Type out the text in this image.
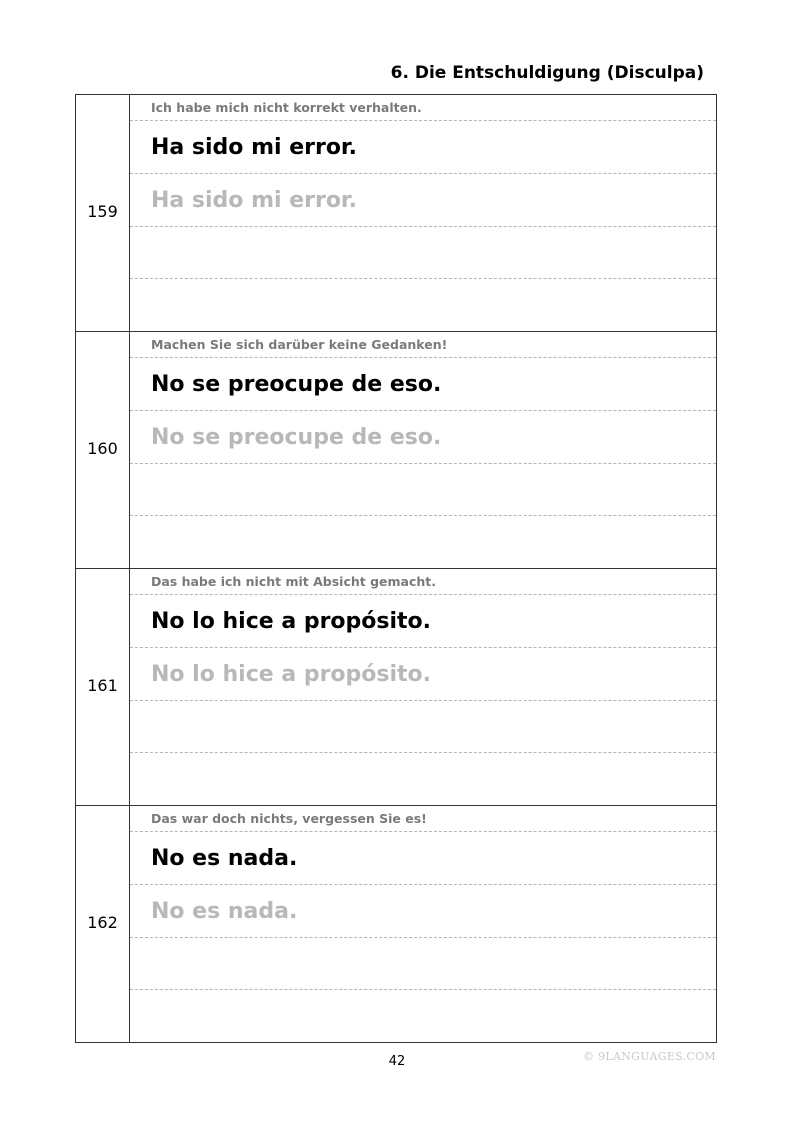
6. Die Entschuldigung (Disculpa)
159
Ich habe mich nicht korrekt verhalten.
Ha sido mi error.
Ha sido mi error.
160
Machen Sie sich darüber keine Gedanken!
No se preocupe de eso.
No se preocupe de eso.
161
Das habe ich nicht mit Absicht gemacht.
No lo hice a propósito.
No lo hice a propósito.
162
Das war doch nichts, vergessen Sie es!
No es nada.
No es nada.
42	© 9LANGUAGES.COM
